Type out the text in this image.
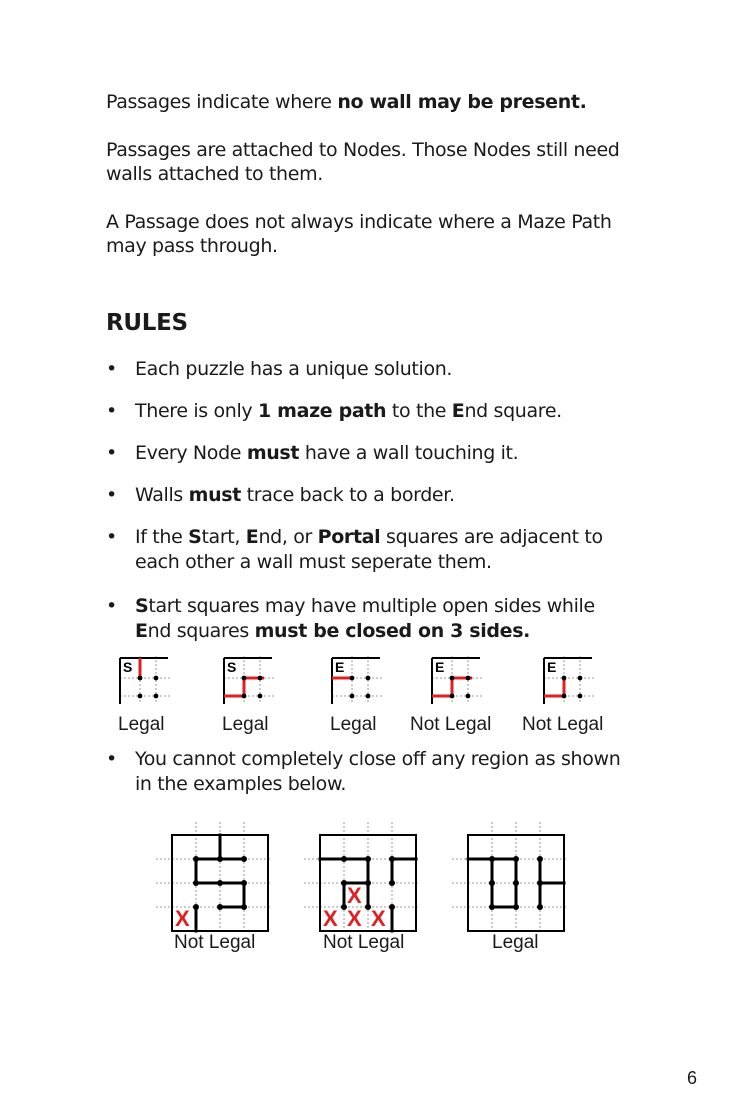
Passages indicate where no wall may be present.

Passages are attached to Nodes. Those Nodes still need walls attached to them.

A Passage does not always indicate where a Maze Path may pass through.

RULES
• Each puzzle has a unique solution.
• There is only 1 maze path to the End square.
• Every Node must have a wall touching it.
• Walls must trace back to a border.
• If the Start, End, or Portal squares are adjacent to each other a wall must seperate them.
• Start squares may have multiple open sides while End squares must be closed on 3 sides.
S	S	E	E	E
Legal	Legal	Legal Not Legal Not Legal
• You cannot completely close off any region as shown in the examples below.
X
X
X X X
Not Legal	Not Legal	Legal
6
